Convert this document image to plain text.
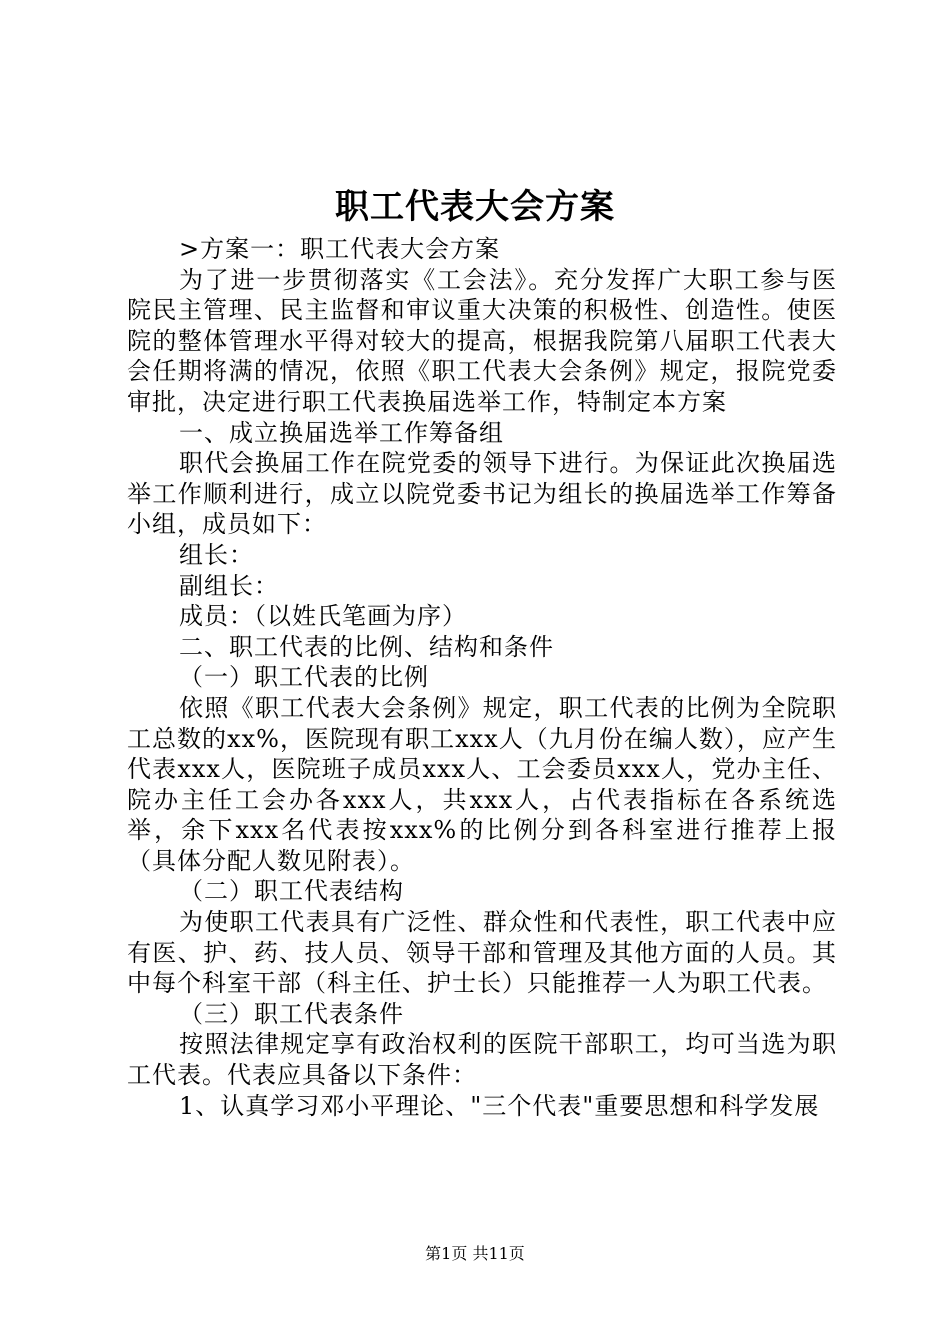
职工代表大会方案

>方案一：职工代表大会方案

为了进一步贯彻落实《工会法》。充分发挥广大职工参与医院民主管理、民主监督和审议重大决策的积极性、创造性。使医院的整体管理水平得对较大的提高，根据我院第八届职工代表大会任期将满的情况，依照《职工代表大会条例》规定，报院党委审批，决定进行职工代表换届选举工作，特制定本方案

一、成立换届选举工作筹备组

职代会换届工作在院党委的领导下进行。为保证此次换届选举工作顺利进行，成立以院党委书记为组长的换届选举工作筹备小组，成员如下：

组长：

副组长：

成员：（以姓氏笔画为序）

二、职工代表的比例、结构和条件

（一）职工代表的比例

依照《职工代表大会条例》规定，职工代表的比例为全院职工总数的xx%，医院现有职工xxx人（九月份在编人数），应产生代表xxx人，医院班子成员xxx人、工会委员xxx人，党办主任、院办主任工会办各xxx人，共xxx人，占代表指标在各系统选举，余下xxx名代表按xxx%的比例分到各科室进行推荐上报（具体分配人数见附表）。

（二）职工代表结构

为使职工代表具有广泛性、群众性和代表性，职工代表中应有医、护、药、技人员、领导干部和管理及其他方面的人员。其中每个科室干部（科主任、护士长）只能推荐一人为职工代表。

（三）职工代表条件

按照法律规定享有政治权利的医院干部职工，均可当选为职工代表。代表应具备以下条件：

1、认真学习邓小平理论、"三个代表"重要思想和科学发展

第1页 共11页
